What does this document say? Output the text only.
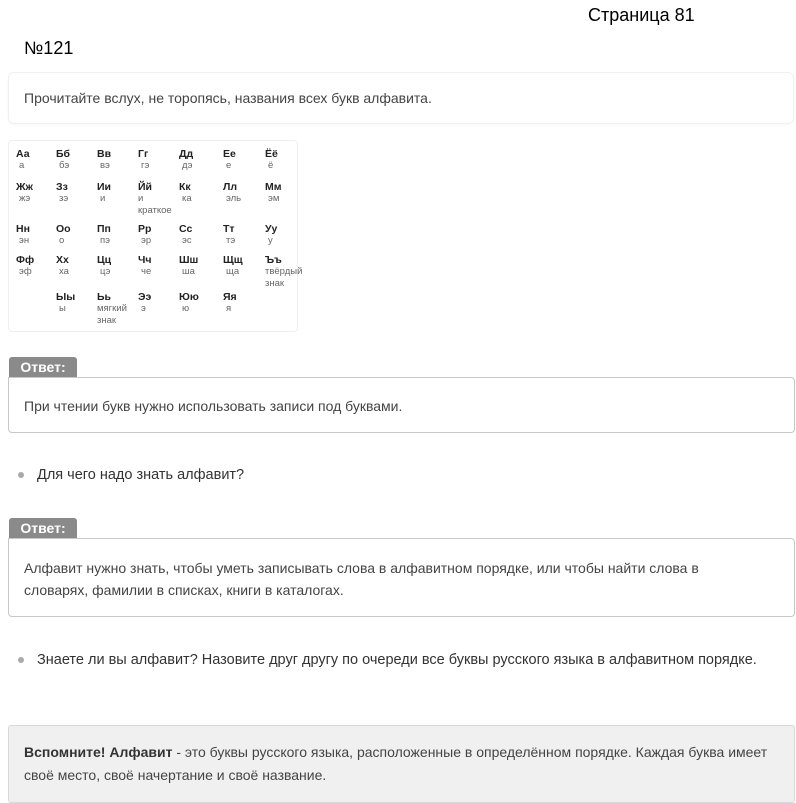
Страница 81
№121
Прочитайте вслух, не торопясь, названия всех букв алфавита.
Аа
а
Бб
бэ
Вв
вэ
Гг
гэ
Дд
дэ
Ее
е
Ёё
ё
Жж
жэ
Зз
зэ
Ии
и
Йй
и
краткое
Кк
ка
Лл
эль
Мм
эм
Нн
эн
Оо
о
Пп
пэ
Рр
эр
Сс
эс
Тт
тэ
Уу
у
Фф
эф
Хх
ха
Цц
цэ
Чч
че
Шш
ша
Щщ
ща
Ъъ
твёрдый
знак
Ыы
ы
Ьь
мягкий
знак
Ээ
э
Юю
ю
Яя
я
Ответ:
При чтении букв нужно использовать записи под буквами.
Для чего надо знать алфавит?
Ответ:
Алфавит нужно знать, чтобы уметь записывать слова в алфавитном порядке, или чтобы найти слова в словарях, фамилии в списках, книги в каталогах.
Знаете ли вы алфавит? Назовите друг другу по очереди все буквы русского языка в алфавитном порядке.
Вспомните! Алфавит - это буквы русского языка, расположенные в определённом порядке. Каждая буква имеет своё место, своё начертание и своё название.
